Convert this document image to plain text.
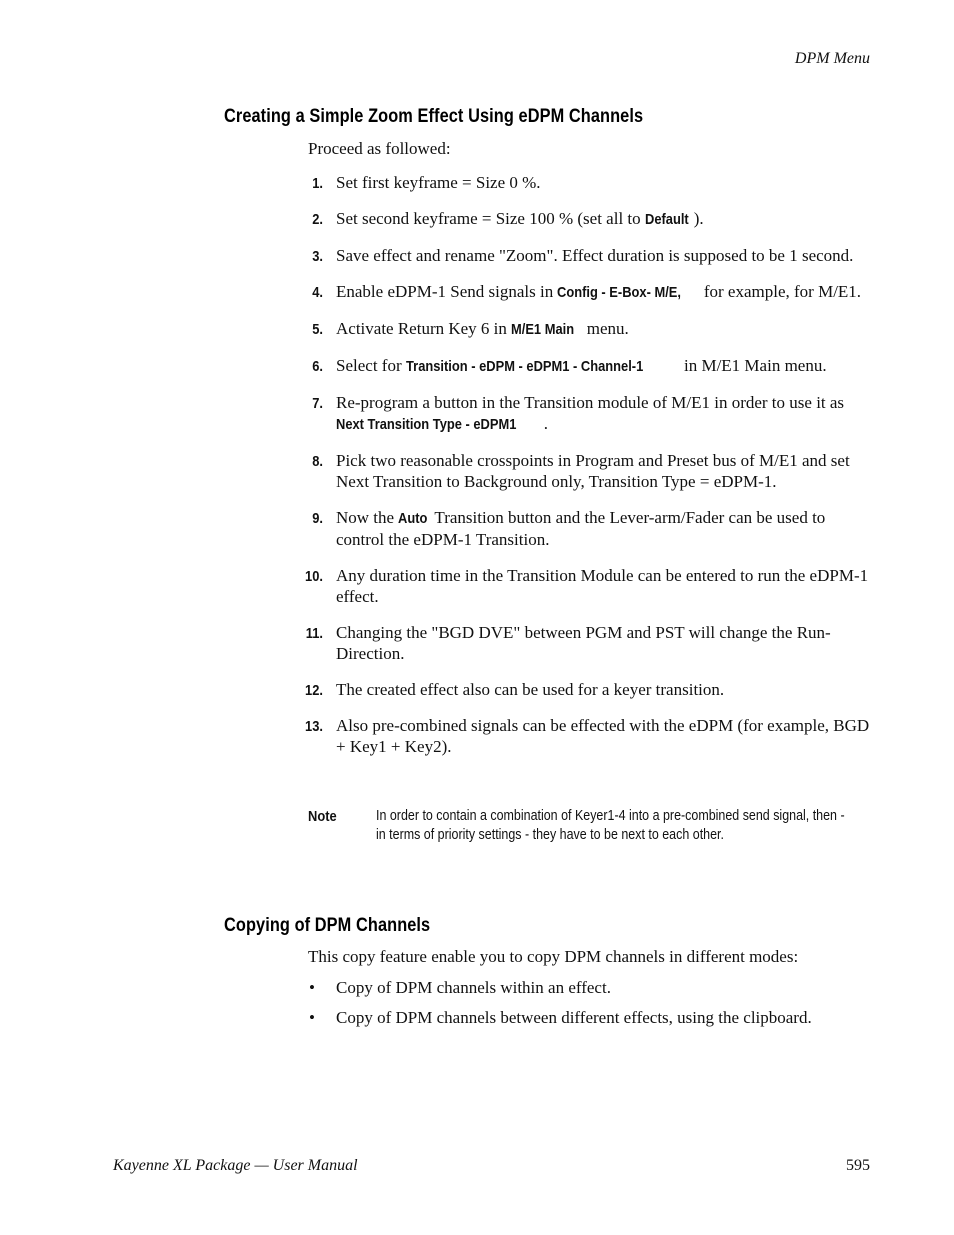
DPM Menu
Creating a Simple Zoom Effect Using eDPM Channels
Proceed as followed:
1. Set first keyframe = Size 0 %.
2. Set second keyframe = Size 100 % (set all to Default ).
3. Save effect and rename "Zoom". Effect duration is supposed to be 1 second.
4. Enable eDPM-1 Send signals in Config - E-Box- M/E, for example, for M/E1.
5. Activate Return Key 6 in M/E1 Main menu.
6. Select for Transition - eDPM - eDPM1 - Channel-1 in M/E1 Main menu.
7. Re-program a button in the Transition module of M/E1 in order to use it as Next Transition Type - eDPM1 .
8. Pick two reasonable crosspoints in Program and Preset bus of M/E1 and set Next Transition to Background only, Transition Type = eDPM-1.
9. Now the Auto Transition button and the Lever-arm/Fader can be used to control the eDPM-1 Transition.
10. Any duration time in the Transition Module can be entered to run the eDPM-1 effect.
11. Changing the "BGD DVE" between PGM and PST will change the Run-Direction.
12. The created effect also can be used for a keyer transition.
13. Also pre-combined signals can be effected with the eDPM (for example, BGD + Key1 + Key2).
Note	In order to contain a combination of Keyer1-4 into a pre-combined send signal, then - in terms of priority settings - they have to be next to each other.
Copying of DPM Channels
This copy feature enable you to copy DPM channels in different modes:
• Copy of DPM channels within an effect.
• Copy of DPM channels between different effects, using the clipboard.
Kayenne XL Package — User Manual	595
